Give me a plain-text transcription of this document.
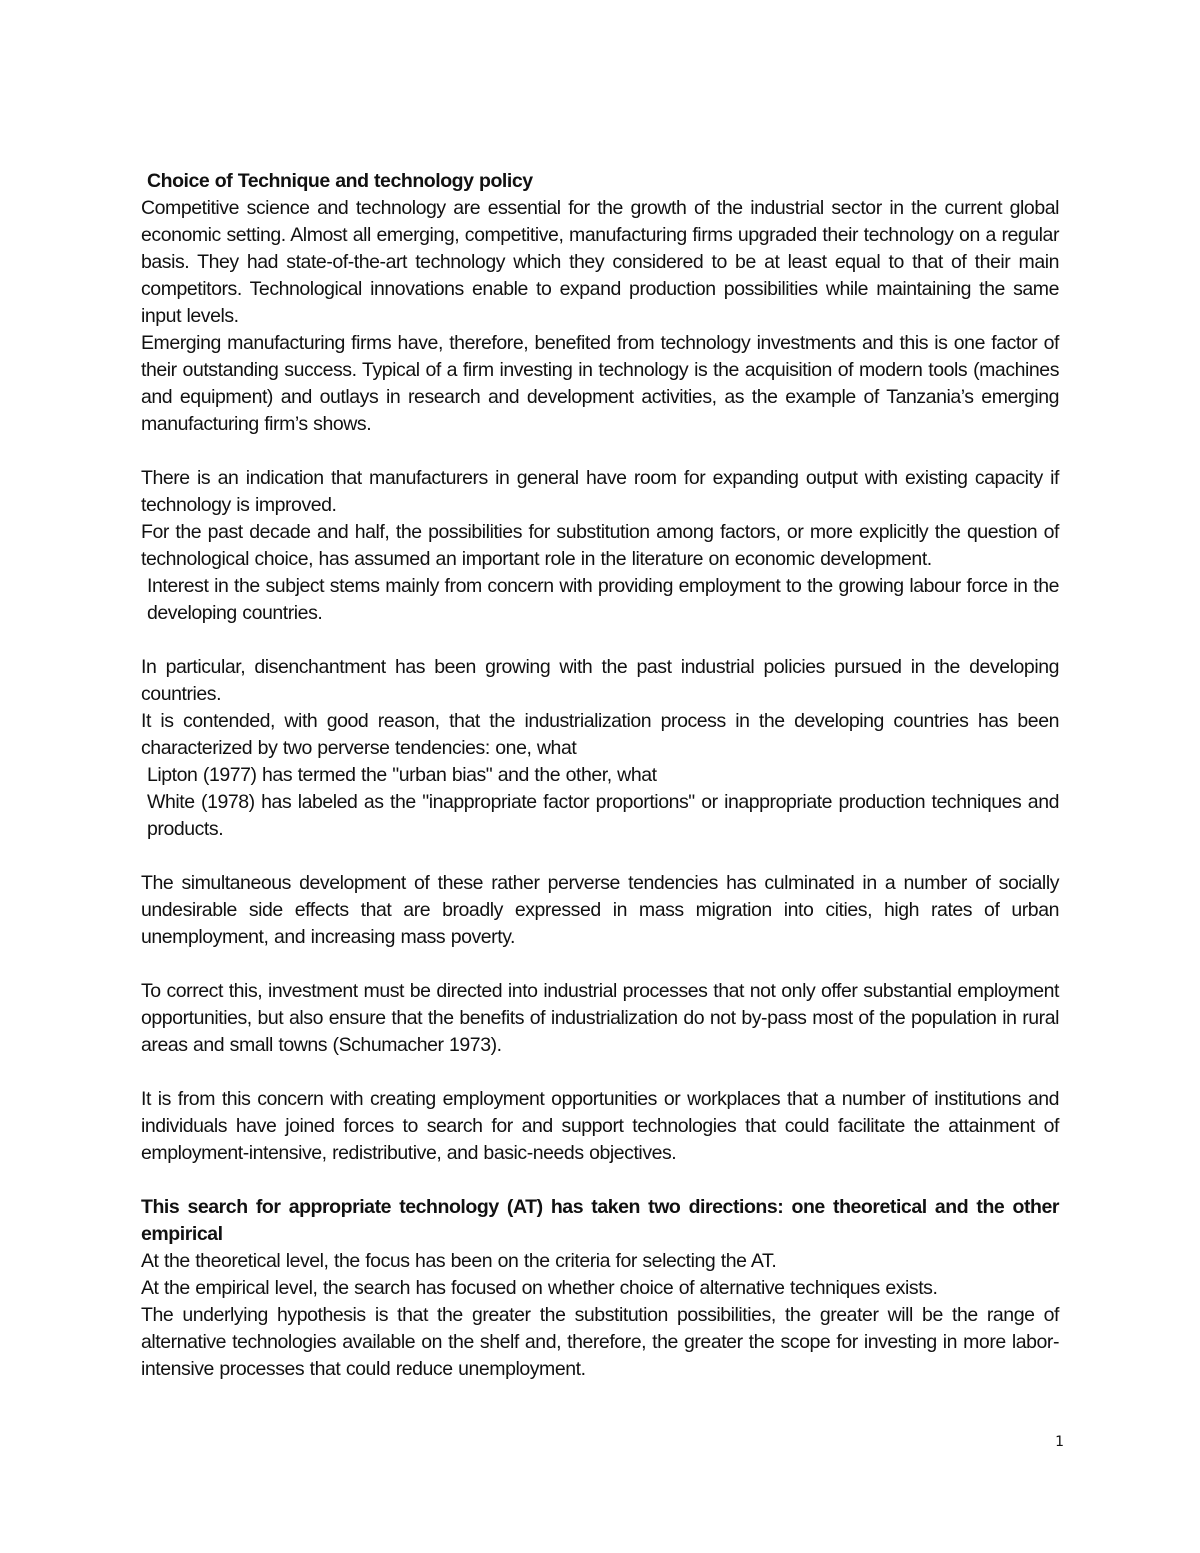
Choice of Technique and technology policy

Competitive science and technology are essential for the growth of the industrial sector in the current global economic setting. Almost all emerging, competitive, manufacturing firms upgraded their technology on a regular basis. They had state-of-the-art technology which they considered to be at least equal to that of their main competitors. Technological innovations enable to expand production possibilities while maintaining the same input levels.

Emerging manufacturing firms have, therefore, benefited from technology investments and this is one factor of their outstanding success. Typical of a firm investing in technology is the acquisition of modern tools (machines and equipment) and outlays in research and development activities, as the example of Tanzania’s emerging manufacturing firm’s shows.

There is an indication that manufacturers in general have room for expanding output with existing capacity if technology is improved.

For the past decade and half, the possibilities for substitution among factors, or more explicitly the question of technological choice, has assumed an important role in the literature on economic development.

Interest in the subject stems mainly from concern with providing employment to the growing labour force in the developing countries.

In particular, disenchantment has been growing with the past industrial policies pursued in the developing countries.

It is contended, with good reason, that the industrialization process in the developing countries has been characterized by two perverse tendencies: one, what

Lipton (1977) has termed the "urban bias" and the other, what

White (1978) has labeled as the "inappropriate factor proportions" or inappropriate production techniques and products.

The simultaneous development of these rather perverse tendencies has culminated in a number of socially undesirable side effects that are broadly expressed in mass migration into cities, high rates of urban unemployment, and increasing mass poverty.

To correct this, investment must be directed into industrial processes that not only offer substantial employment opportunities, but also ensure that the benefits of industrialization do not by-pass most of the population in rural areas and small towns (Schumacher 1973).

It is from this concern with creating employment opportunities or workplaces that a number of institutions and individuals have joined forces to search for and support technologies that could facilitate the attainment of employment-intensive, redistributive, and basic-needs objectives.

This search for appropriate technology (AT) has taken two directions: one theoretical and the other empirical

At the theoretical level, the focus has been on the criteria for selecting the AT.

At the empirical level, the search has focused on whether choice of alternative techniques exists.

The underlying hypothesis is that the greater the substitution possibilities, the greater will be the range of alternative technologies available on the shelf and, therefore, the greater the scope for investing in more labor-intensive processes that could reduce unemployment.

1
